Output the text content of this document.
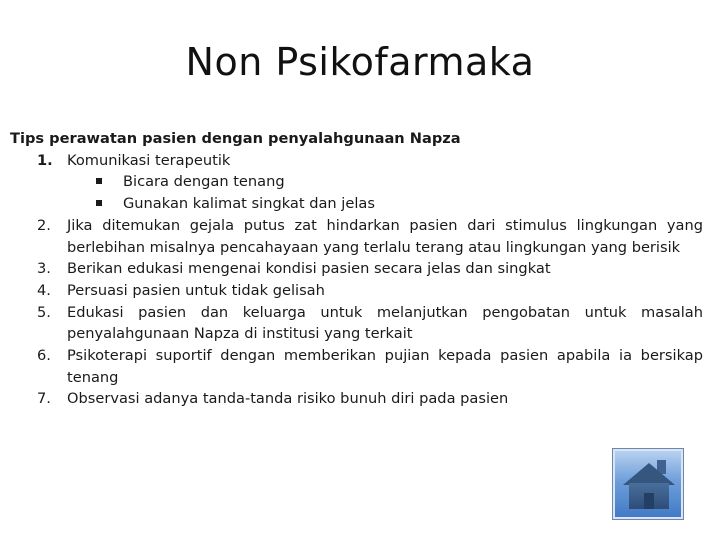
Non Psikofarmaka

Tips perawatan pasien dengan penyalahgunaan Napza

1. Komunikasi terapeutik
Bicara dengan tenang
Gunakan kalimat singkat dan jelas
2. Jika ditemukan gejala putus zat hindarkan pasien dari stimulus lingkungan yang berlebihan misalnya pencahayaan yang terlalu terang atau lingkungan yang berisik
3. Berikan edukasi mengenai kondisi pasien secara jelas dan singkat
4. Persuasi pasien untuk tidak gelisah
5. Edukasi pasien dan keluarga untuk melanjutkan pengobatan untuk masalah penyalahgunaan Napza di institusi yang terkait
6. Psikoterapi suportif dengan memberikan pujian kepada pasien apabila ia bersikap tenang
7. Observasi adanya tanda-tanda risiko bunuh diri pada pasien
